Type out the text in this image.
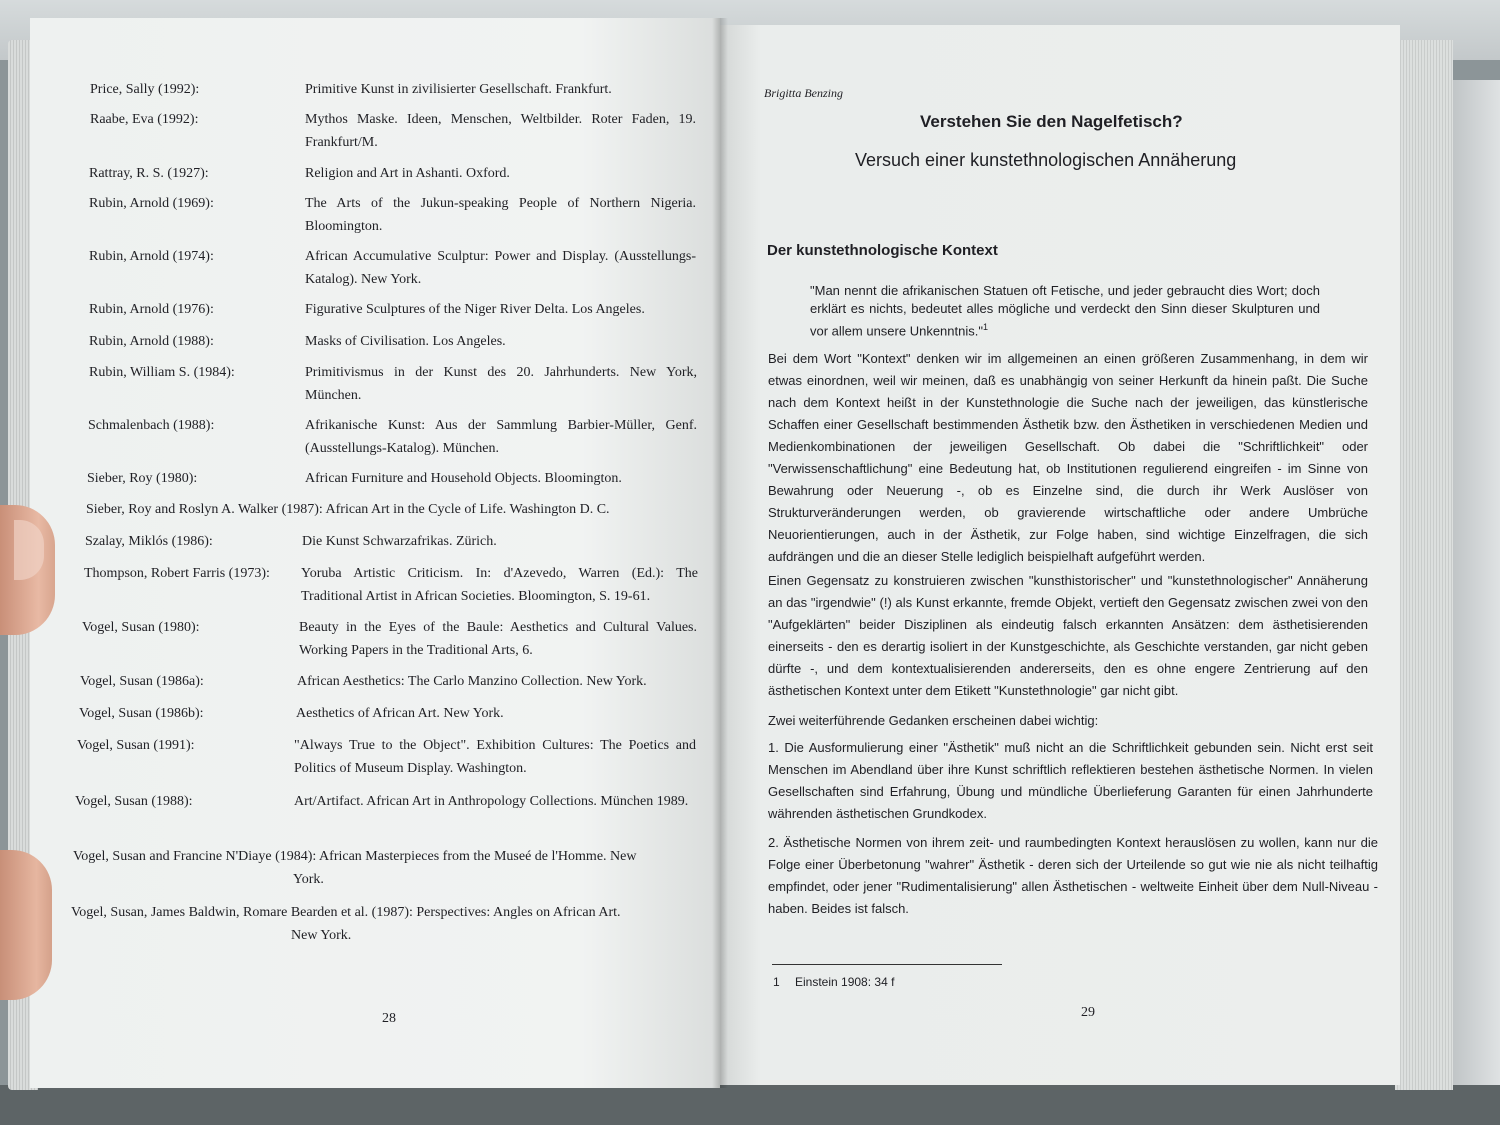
Price, Sally (1992):	Primitive Kunst in zivilisierter Gesellschaft. Frankfurt.
Raabe, Eva (1992):	Mythos Maske. Ideen, Menschen, Weltbilder. Roter Faden, 19. Frankfurt/M.
Rattray, R. S. (1927):	Religion and Art in Ashanti. Oxford.
Rubin, Arnold (1969):	The Arts of the Jukun-speaking People of Northern Nigeria. Bloomington.
Rubin, Arnold (1974):	African Accumulative Sculptur: Power and Display. (Ausstellungs-Katalog). New York.
Rubin, Arnold (1976):	Figurative Sculptures of the Niger River Delta. Los Angeles.
Rubin, Arnold (1988):	Masks of Civilisation. Los Angeles.
Rubin, William S. (1984):	Primitivismus in der Kunst des 20. Jahrhunderts. New York, München.
Schmalenbach (1988):	Afrikanische Kunst: Aus der Sammlung Barbier-Müller, Genf. (Ausstellungs-Katalog). München.
Sieber, Roy (1980):	African Furniture and Household Objects. Bloomington.
Sieber, Roy and Roslyn A. Walker (1987): African Art in the Cycle of Life. Washington D. C.
Szalay, Miklós (1986):	Die Kunst Schwarzafrikas. Zürich.
Thompson, Robert Farris (1973): Yoruba Artistic Criticism. In: d'Azevedo, Warren (Ed.): The Traditional Artist in African Societies. Bloomington, S. 19-61.
Vogel, Susan (1980):	Beauty in the Eyes of the Baule: Aesthetics and Cultural Values. Working Papers in the Traditional Arts, 6.
Vogel, Susan (1986a):	African Aesthetics: The Carlo Manzino Collection. New York.
Vogel, Susan (1986b):	Aesthetics of African Art. New York.
Vogel, Susan (1991):	"Always True to the Object". Exhibition Cultures: The Poetics and Politics of Museum Display. Washington.
Vogel, Susan (1988):	Art/Artifact. African Art in Anthropology Collections. München 1989.
Vogel, Susan and Francine N'Diaye (1984): African Masterpieces from the Museé de l'Homme. New
York.
Vogel, Susan, James Baldwin, Romare Bearden et al. (1987): Perspectives: Angles on African Art.
New York.
28
Brigitta Benzing
Verstehen Sie den Nagelfetisch?
Versuch einer kunstethnologischen Annäherung
Der kunstethnologische Kontext
"Man nennt die afrikanischen Statuen oft Fetische, und jeder gebraucht dies Wort; doch erklärt es nichts, bedeutet alles mögliche und verdeckt den Sinn dieser Skulpturen und vor allem unsere Unkenntnis."$^1$
Bei dem Wort "Kontext" denken wir im allgemeinen an einen größeren Zusammenhang, in dem wir etwas einordnen, weil wir meinen, daß es unabhängig von seiner Herkunft da hinein paßt. Die Suche nach dem Kontext heißt in der Kunstethnologie die Suche nach der jeweiligen, das künstlerische Schaffen einer Gesellschaft bestimmenden Ästhetik bzw. den Ästhetiken in verschiedenen Medien und Medienkombinationen der jeweiligen Gesellschaft. Ob dabei die "Schriftlichkeit" oder "Verwissenschaftlichung" eine Bedeutung hat, ob Institutionen regulierend eingreifen - im Sinne von Bewahrung oder Neuerung -, ob es Einzelne sind, die durch ihr Werk Auslöser von Strukturveränderungen werden, ob gravierende wirtschaftliche oder andere Umbrüche Neuorientierungen, auch in der Ästhetik, zur Folge haben, sind wichtige Einzelfragen, die sich aufdrängen und die an dieser Stelle lediglich beispielhaft aufgeführt werden.
Einen Gegensatz zu konstruieren zwischen "kunsthistorischer" und "kunstethnologischer" Annäherung an das "irgendwie" (!) als Kunst erkannte, fremde Objekt, vertieft den Gegensatz zwischen zwei von den "Aufgeklärten" beider Disziplinen als eindeutig falsch erkannten Ansätzen: dem ästhetisierenden einerseits - den es derartig isoliert in der Kunstgeschichte, als Geschichte verstanden, gar nicht geben dürfte -, und dem kontextualisierenden andererseits, den es ohne engere Zentrierung auf den ästhetischen Kontext unter dem Etikett "Kunstethnologie" gar nicht gibt.
Zwei weiterführende Gedanken erscheinen dabei wichtig:
1. Die Ausformulierung einer "Ästhetik" muß nicht an die Schriftlichkeit gebunden sein. Nicht erst seit Menschen im Abendland über ihre Kunst schriftlich reflektieren bestehen ästhetische Normen. In vielen Gesellschaften sind Erfahrung, Übung und mündliche Überlieferung Garanten für einen Jahrhunderte währenden ästhetischen Grundkodex.
2. Ästhetische Normen von ihrem zeit- und raumbedingten Kontext herauslösen zu wollen, kann nur die Folge einer Überbetonung "wahrer" Ästhetik - deren sich der Urteilende so gut wie nie als nicht teilhaftig empfindet, oder jener "Rudimentalisierung" allen Ästhetischen - weltweite Einheit über dem Null-Niveau - haben. Beides ist falsch.
1 Einstein 1908: 34 f
29
